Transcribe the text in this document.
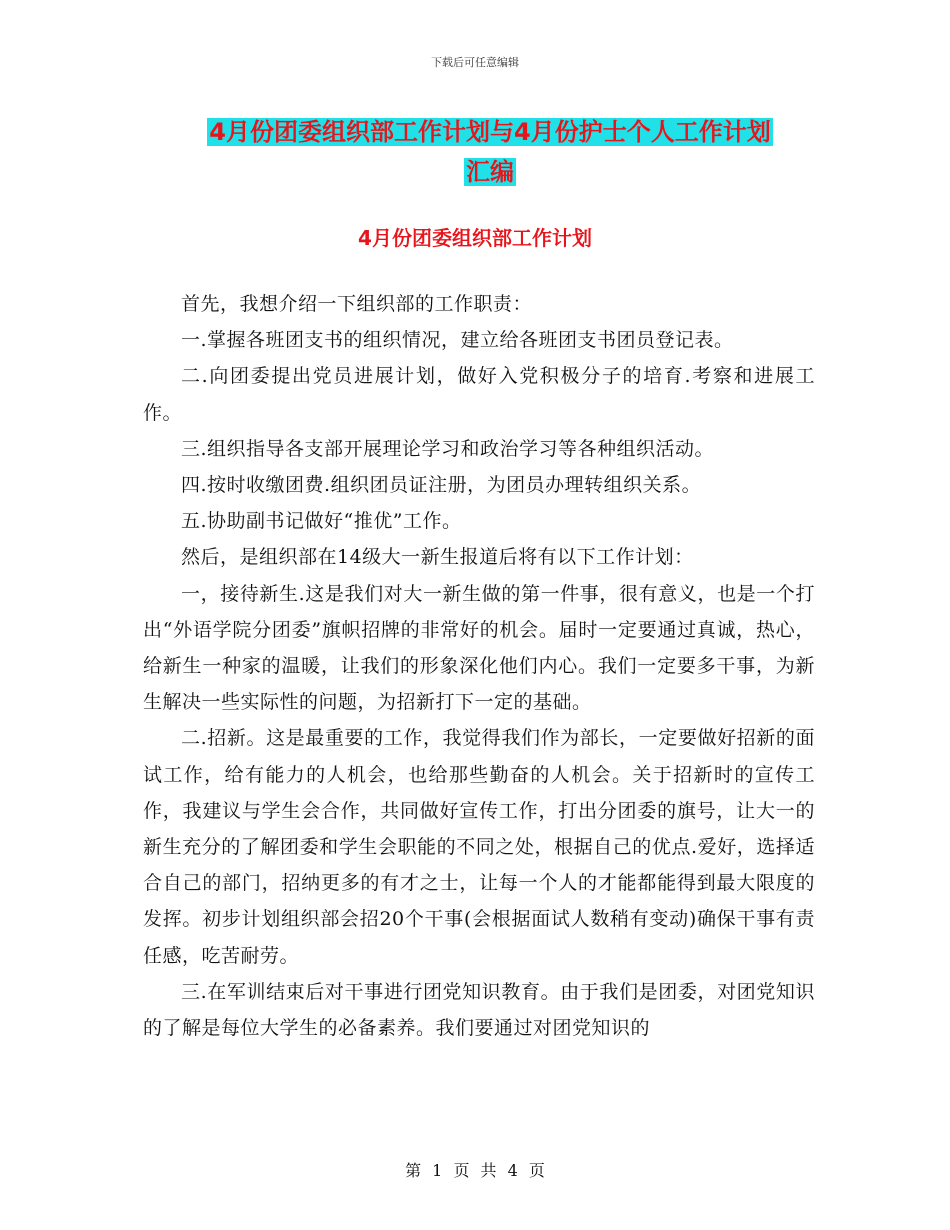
下载后可任意编辑
4月份团委组织部工作计划与4月份护士个人工作计划
汇编
4月份团委组织部工作计划

首先，我想介绍一下组织部的工作职责：

一.掌握各班团支书的组织情况，建立给各班团支书团员登记表。

二.向团委提出党员进展计划，做好入党积极分子的培育.考察和进展工作。

三.组织指导各支部开展理论学习和政治学习等各种组织活动。

四.按时收缴团费.组织团员证注册，为团员办理转组织关系。

五.协助副书记做好“推优”工作。

然后，是组织部在14级大一新生报道后将有以下工作计划：

一，接待新生.这是我们对大一新生做的第一件事，很有意义，也是一个打出“外语学院分团委”旗帜招牌的非常好的机会。届时一定要通过真诚，热心，给新生一种家的温暖，让我们的形象深化他们内心。我们一定要多干事，为新生解决一些实际性的问题，为招新打下一定的基础。

二.招新。这是最重要的工作，我觉得我们作为部长，一定要做好招新的面试工作，给有能力的人机会，也给那些勤奋的人机会。关于招新时的宣传工作，我建议与学生会合作，共同做好宣传工作，打出分团委的旗号，让大一的新生充分的了解团委和学生会职能的不同之处，根据自己的优点.爱好，选择适合自己的部门，招纳更多的有才之士，让每一个人的才能都能得到最大限度的发挥。初步计划组织部会招20个干事(会根据面试人数稍有变动)确保干事有责任感，吃苦耐劳。

三.在军训结束后对干事进行团党知识教育。由于我们是团委，对团党知识的了解是每位大学生的必备素养。我们要通过对团党知识的

第 1 页 共 4 页
